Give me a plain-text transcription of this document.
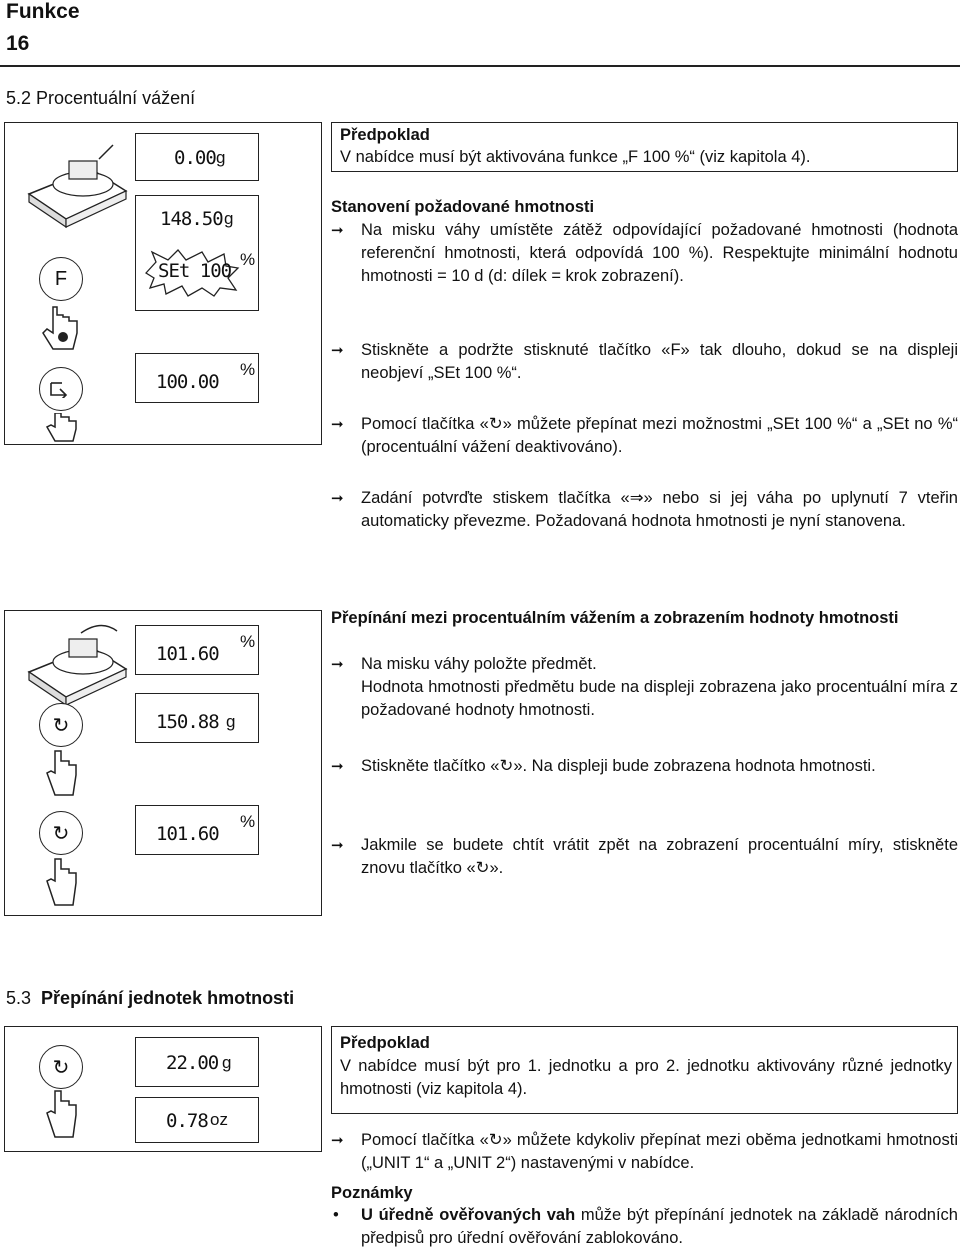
Funkce
16
5.2 Procentuální vážení
F
0.00 g
148.50 g
SEt 100
%
100.00
%
Předpoklad
V nabídce musí být aktivována funkce „F 100 %“ (viz kapitola 4).
Stanovení požadované hmotnosti
➞ Na misku váhy umístěte zátěž odpovídající požadované hmotnosti (hodnota referenční hmotnosti, která odpovídá 100 %). Respektujte minimální hodnotu hmotnosti = 10 d (d: dílek = krok zobrazení).
➞ Stiskněte a podržte stisknuté tlačítko «F» tak dlouho, dokud se na displeji neobjeví „SEt 100 %“.
➞ Pomocí tlačítka «↻» můžete přepínat mezi možnostmi „SEt 100 %“ a „SEt no %“ (procentuální vážení deaktivováno).
➞ Zadání potvrďte stiskem tlačítka «⇒» nebo si jej váha po uplynutí 7 vteřin automaticky převezme. Požadovaná hodnota hmotnosti je nyní stanovena.
↻
↻
101.60
%
150.88 g
101.60
%
Přepínání mezi procentuálním vážením a zobrazením hodnoty hmotnosti
➞ Na misku váhy položte předmět.
Hodnota hmotnosti předmětu bude na displeji zobrazena jako procentuální míra z požadované hodnoty hmotnosti.
➞ Stiskněte tlačítko «↻». Na displeji bude zobrazena hodnota hmotnosti.
➞ Jakmile se budete chtít vrátit zpět na zobrazení procentuální míry, stiskněte znovu tlačítko «↻».
5.3 Přepínání jednotek hmotnosti
↻	22.00 g
0.78 oz
Předpoklad
V nabídce musí být pro 1. jednotku a pro 2. jednotku aktivovány různé jednotky hmotnosti (viz kapitola 4).
➞ Pomocí tlačítka «↻» můžete kdykoliv přepínat mezi oběma jednotkami hmotnosti („UNIT 1“ a „UNIT 2“) nastavenými v nabídce.
Poznámky
• U úředně ověřovaných vah může být přepínání jednotek na základě národních předpisů pro úřední ověřování zablokováno.
